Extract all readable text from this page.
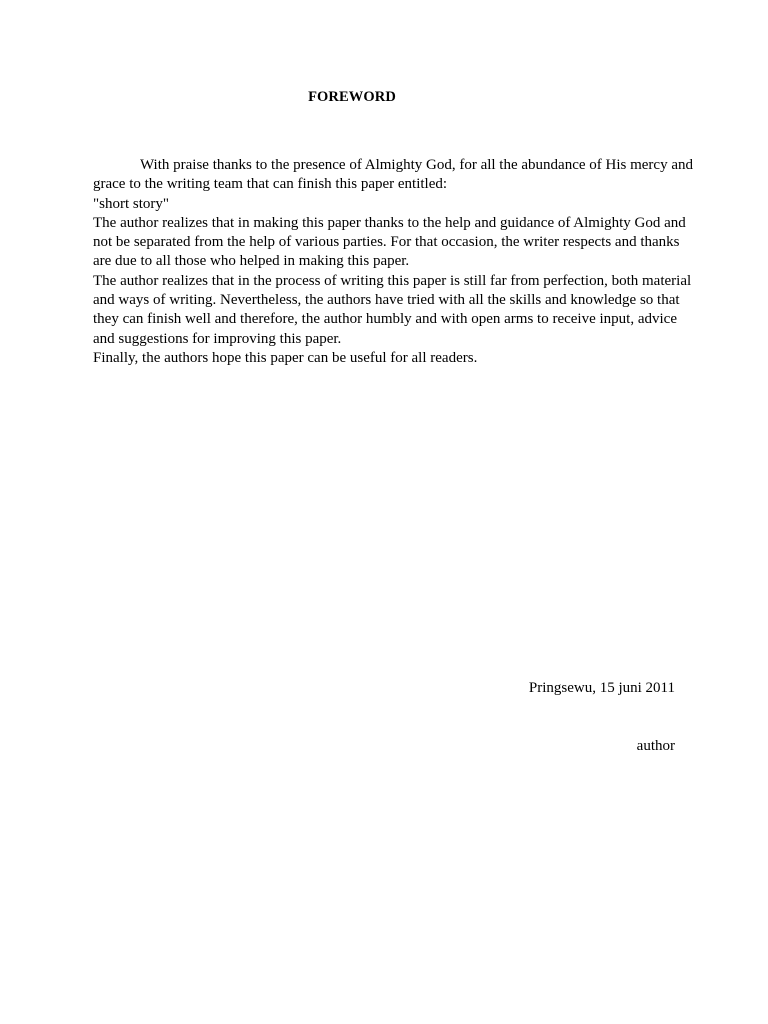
FOREWORD

With praise thanks to the presence of Almighty God, for all the abundance of His mercy and grace to the writing team that can finish this paper entitled:

"short story"

The author realizes that in making this paper thanks to the help and guidance of Almighty God and not be separated from the help of various parties. For that occasion, the writer respects and thanks are due to all those who helped in making this paper.

The author realizes that in the process of writing this paper is still far from perfection, both material and ways of writing. Nevertheless, the authors have tried with all the skills and knowledge so that they can finish well and therefore, the author humbly and with open arms to receive input, advice and suggestions for improving this paper.

Finally, the authors hope this paper can be useful for all readers.

Pringsewu, 15 juni 2011
author
